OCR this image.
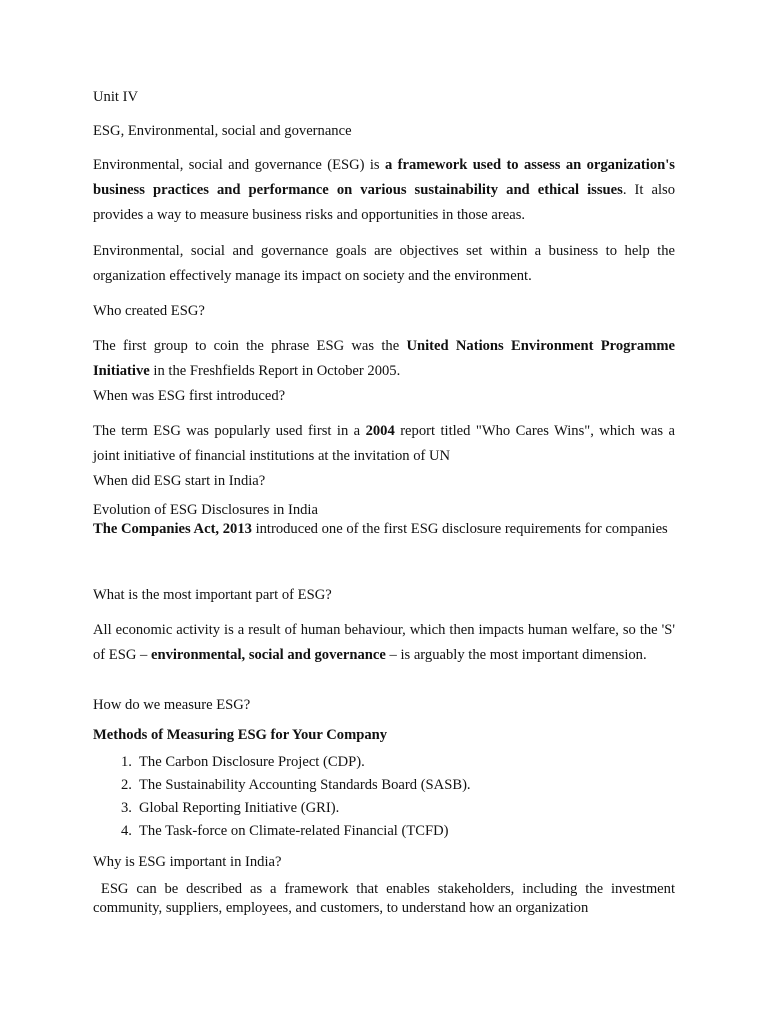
Unit IV

ESG, Environmental, social and governance

Environmental, social and governance (ESG) is a framework used to assess an organization's business practices and performance on various sustainability and ethical issues. It also provides a way to measure business risks and opportunities in those areas.

Environmental, social and governance goals are objectives set within a business to help the organization effectively manage its impact on society and the environment.

Who created ESG?

The first group to coin the phrase ESG was the United Nations Environment Programme Initiative in the Freshfields Report in October 2005.

When was ESG first introduced?

The term ESG was popularly used first in a 2004 report titled "Who Cares Wins", which was a joint initiative of financial institutions at the invitation of UN

When did ESG start in India?

Evolution of ESG Disclosures in India

The Companies Act, 2013 introduced one of the first ESG disclosure requirements for companies

What is the most important part of ESG?

All economic activity is a result of human behaviour, which then impacts human welfare, so the 'S' of ESG – environmental, social and governance – is arguably the most important dimension.

How do we measure ESG?

Methods of Measuring ESG for Your Company

1. The Carbon Disclosure Project (CDP).
2. The Sustainability Accounting Standards Board (SASB).
3. Global Reporting Initiative (GRI).
4. The Task-force on Climate-related Financial (TCFD)

Why is ESG important in India?

ESG can be described as a framework that enables stakeholders, including the investment community, suppliers, employees, and customers, to understand how an organization
